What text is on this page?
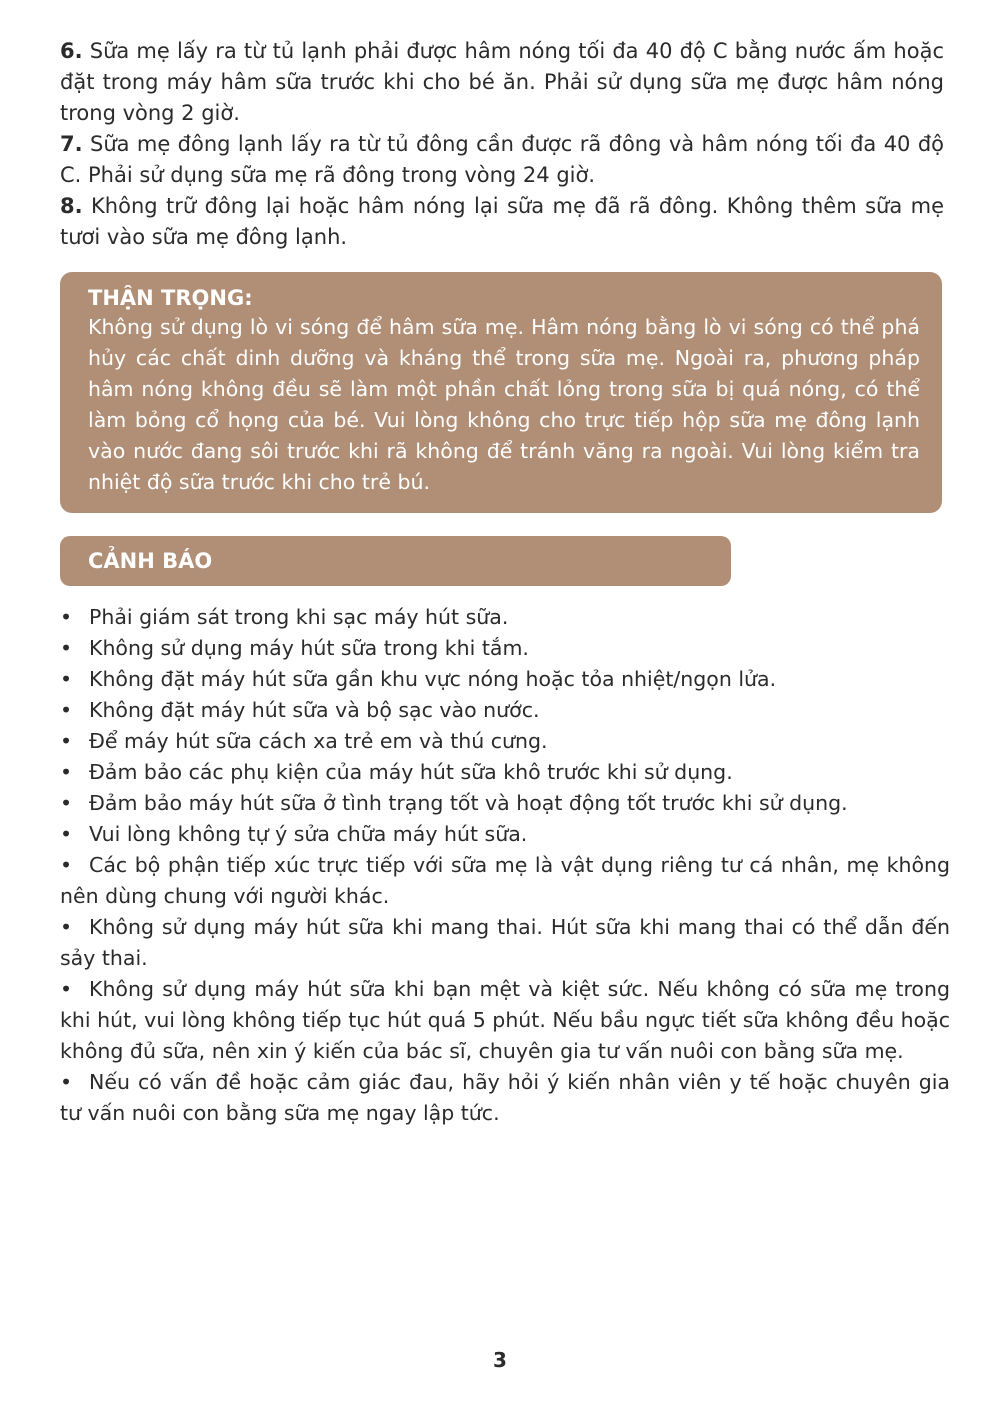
6. Sữa mẹ lấy ra từ tủ lạnh phải được hâm nóng tối đa 40 độ C bằng nước ấm hoặc đặt trong máy hâm sữa trước khi cho bé ăn. Phải sử dụng sữa mẹ được hâm nóng trong vòng 2 giờ.

7. Sữa mẹ đông lạnh lấy ra từ tủ đông cần được rã đông và hâm nóng tối đa 40 độ C. Phải sử dụng sữa mẹ rã đông trong vòng 24 giờ.

8. Không trữ đông lại hoặc hâm nóng lại sữa mẹ đã rã đông. Không thêm sữa mẹ tươi vào sữa mẹ đông lạnh.

THẬN TRỌNG:

Không sử dụng lò vi sóng để hâm sữa mẹ. Hâm nóng bằng lò vi sóng có thể phá hủy các chất dinh dưỡng và kháng thể trong sữa mẹ. Ngoài ra, phương pháp hâm nóng không đều sẽ làm một phần chất lỏng trong sữa bị quá nóng, có thể làm bỏng cổ họng của bé. Vui lòng không cho trực tiếp hộp sữa mẹ đông lạnh vào nước đang sôi trước khi rã không để tránh văng ra ngoài. Vui lòng kiểm tra nhiệt độ sữa trước khi cho trẻ bú.

CẢNH BÁO
• Phải giám sát trong khi sạc máy hút sữa.
• Không sử dụng máy hút sữa trong khi tắm.
• Không đặt máy hút sữa gần khu vực nóng hoặc tỏa nhiệt/ngọn lửa.
• Không đặt máy hút sữa và bộ sạc vào nước.
• Để máy hút sữa cách xa trẻ em và thú cưng.
• Đảm bảo các phụ kiện của máy hút sữa khô trước khi sử dụng.
• Đảm bảo máy hút sữa ở tình trạng tốt và hoạt động tốt trước khi sử dụng.
• Vui lòng không tự ý sửa chữa máy hút sữa.
• Các bộ phận tiếp xúc trực tiếp với sữa mẹ là vật dụng riêng tư cá nhân, mẹ không nên dùng chung với người khác.
• Không sử dụng máy hút sữa khi mang thai. Hút sữa khi mang thai có thể dẫn đến sảy thai.
• Không sử dụng máy hút sữa khi bạn mệt và kiệt sức. Nếu không có sữa mẹ trong khi hút, vui lòng không tiếp tục hút quá 5 phút. Nếu bầu ngực tiết sữa không đều hoặc không đủ sữa, nên xin ý kiến của bác sĩ, chuyên gia tư vấn nuôi con bằng sữa mẹ.
• Nếu có vấn đề hoặc cảm giác đau, hãy hỏi ý kiến nhân viên y tế hoặc chuyên gia tư vấn nuôi con bằng sữa mẹ ngay lập tức.
3
